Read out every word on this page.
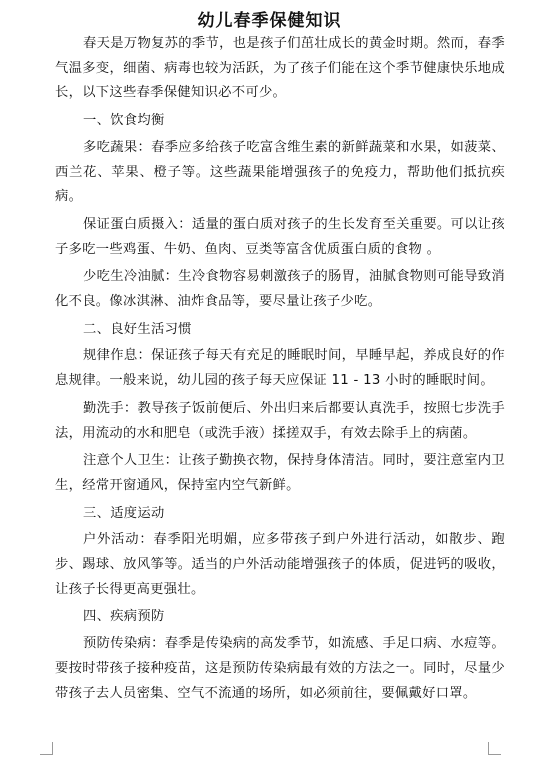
幼儿春季保健知识

春天是万物复苏的季节，也是孩子们茁壮成长的黄金时期。然而，春季气温多变，细菌、病毒也较为活跃，为了孩子们能在这个季节健康快乐地成长，以下这些春季保健知识必不可少。

一、饮食均衡

多吃蔬果：春季应多给孩子吃富含维生素的新鲜蔬菜和水果，如菠菜、西兰花、苹果、橙子等。这些蔬果能增强孩子的免疫力，帮助他们抵抗疾病。

保证蛋白质摄入：适量的蛋白质对孩子的生长发育至关重要。可以让孩子多吃一些鸡蛋、牛奶、鱼肉、豆类等富含优质蛋白质的食物 。

少吃生冷油腻：生冷食物容易刺激孩子的肠胃，油腻食物则可能导致消化不良。像冰淇淋、油炸食品等，要尽量让孩子少吃。

二、良好生活习惯

规律作息：保证孩子每天有充足的睡眠时间，早睡早起，养成良好的作息规律。一般来说，幼儿园的孩子每天应保证 11 - 13 小时的睡眠时间。

勤洗手：教导孩子饭前便后、外出归来后都要认真洗手，按照七步洗手法，用流动的水和肥皂（或洗手液）揉搓双手，有效去除手上的病菌。

注意个人卫生：让孩子勤换衣物，保持身体清洁。同时，要注意室内卫生，经常开窗通风，保持室内空气新鲜。

三、适度运动

户外活动：春季阳光明媚，应多带孩子到户外进行活动，如散步、跑步、踢球、放风筝等。适当的户外活动能增强孩子的体质，促进钙的吸收，让孩子长得更高更强壮。

四、疾病预防

预防传染病：春季是传染病的高发季节，如流感、手足口病、水痘等。要按时带孩子接种疫苗，这是预防传染病最有效的方法之一。同时，尽量少带孩子去人员密集、空气不流通的场所，如必须前往，要佩戴好口罩。
